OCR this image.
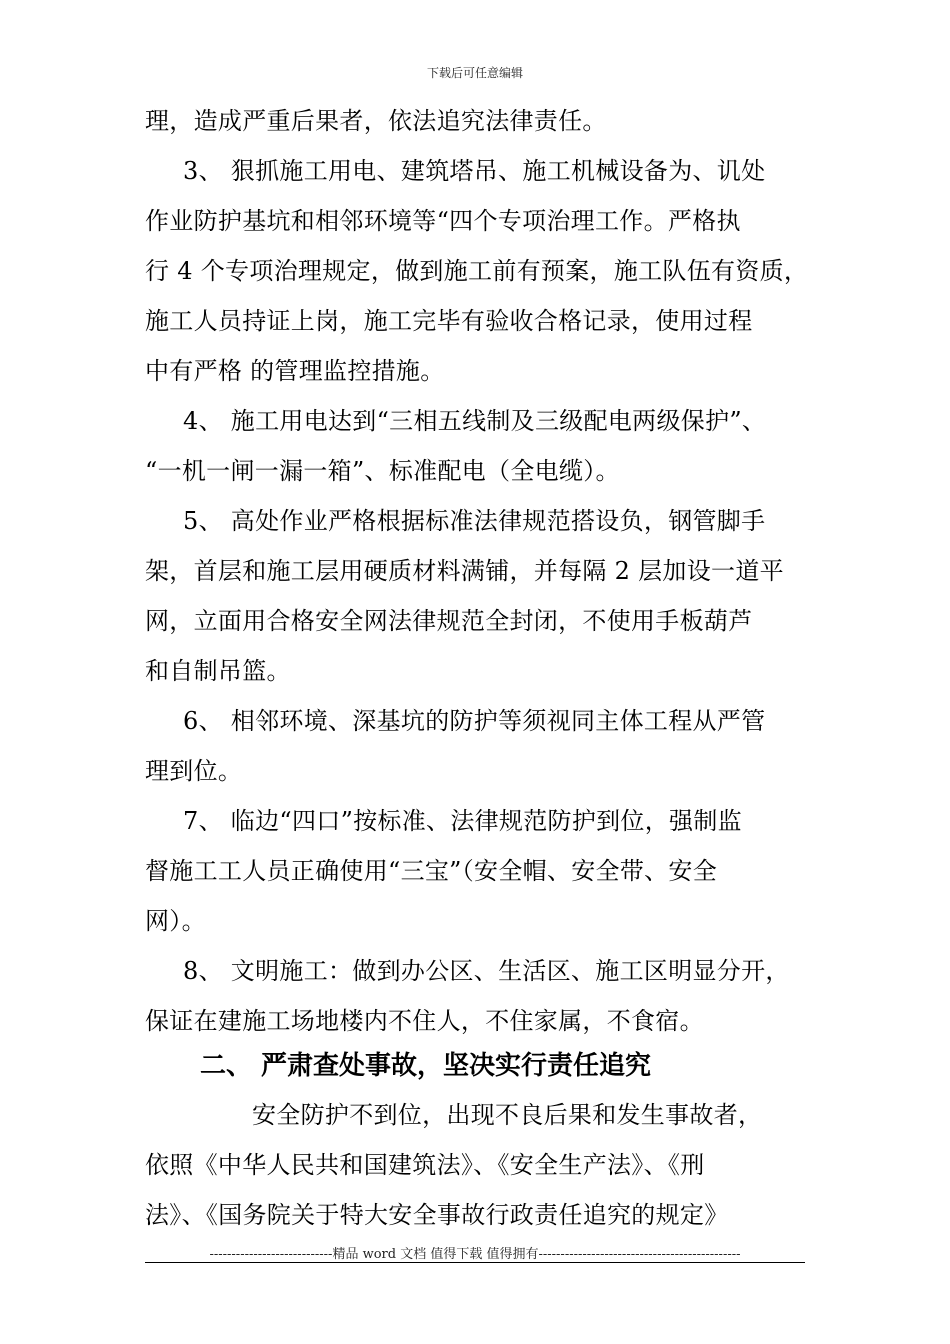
下载后可任意编辑
理，造成严重后果者，依法追究法律责任。
3、 狠抓施工用电、建筑塔吊、施工机械设备为、讥处
作业防护基坑和相邻环境等“四个专项治理工作。严格执
行 4 个专项治理规定，做到施工前有预案，施工队伍有资质，
施工人员持证上岗，施工完毕有验收合格记录，使用过程
中有严格 的管理监控措施。
4、 施工用电达到“三相五线制及三级配电两级保护”、
“一机一闸一漏一箱”、标准配电（全电缆）。
5、 高处作业严格根据标准法律规范搭设负，钢管脚手
架，首层和施工层用硬质材料满铺，并每隔 2 层加设一道平
网，立面用合格安全网法律规范全封闭，不使用手板葫芦
和自制吊篮。
6、 相邻环境、深基坑的防护等须视同主体工程从严管
理到位。
7、 临边“四口”按标准、法律规范防护到位，强制监
督施工工人员正确使用“三宝”（安全帽、安全带、安全
网）。
8、 文明施工：做到办公区、生活区、施工区明显分开，
保证在建施工场地楼内不住人，不住家属，不食宿。
二、 严肃查处事故，坚决实行责任追究
安全防护不到位，出现不良后果和发生事故者，
依照《中华人民共和国建筑法》、《安全生产法》、《刑
法》、《国务院关于特大安全事故行政责任追究的规定》
----------------------------精品 word 文档 值得下载 值得拥有----------------------------------------------
